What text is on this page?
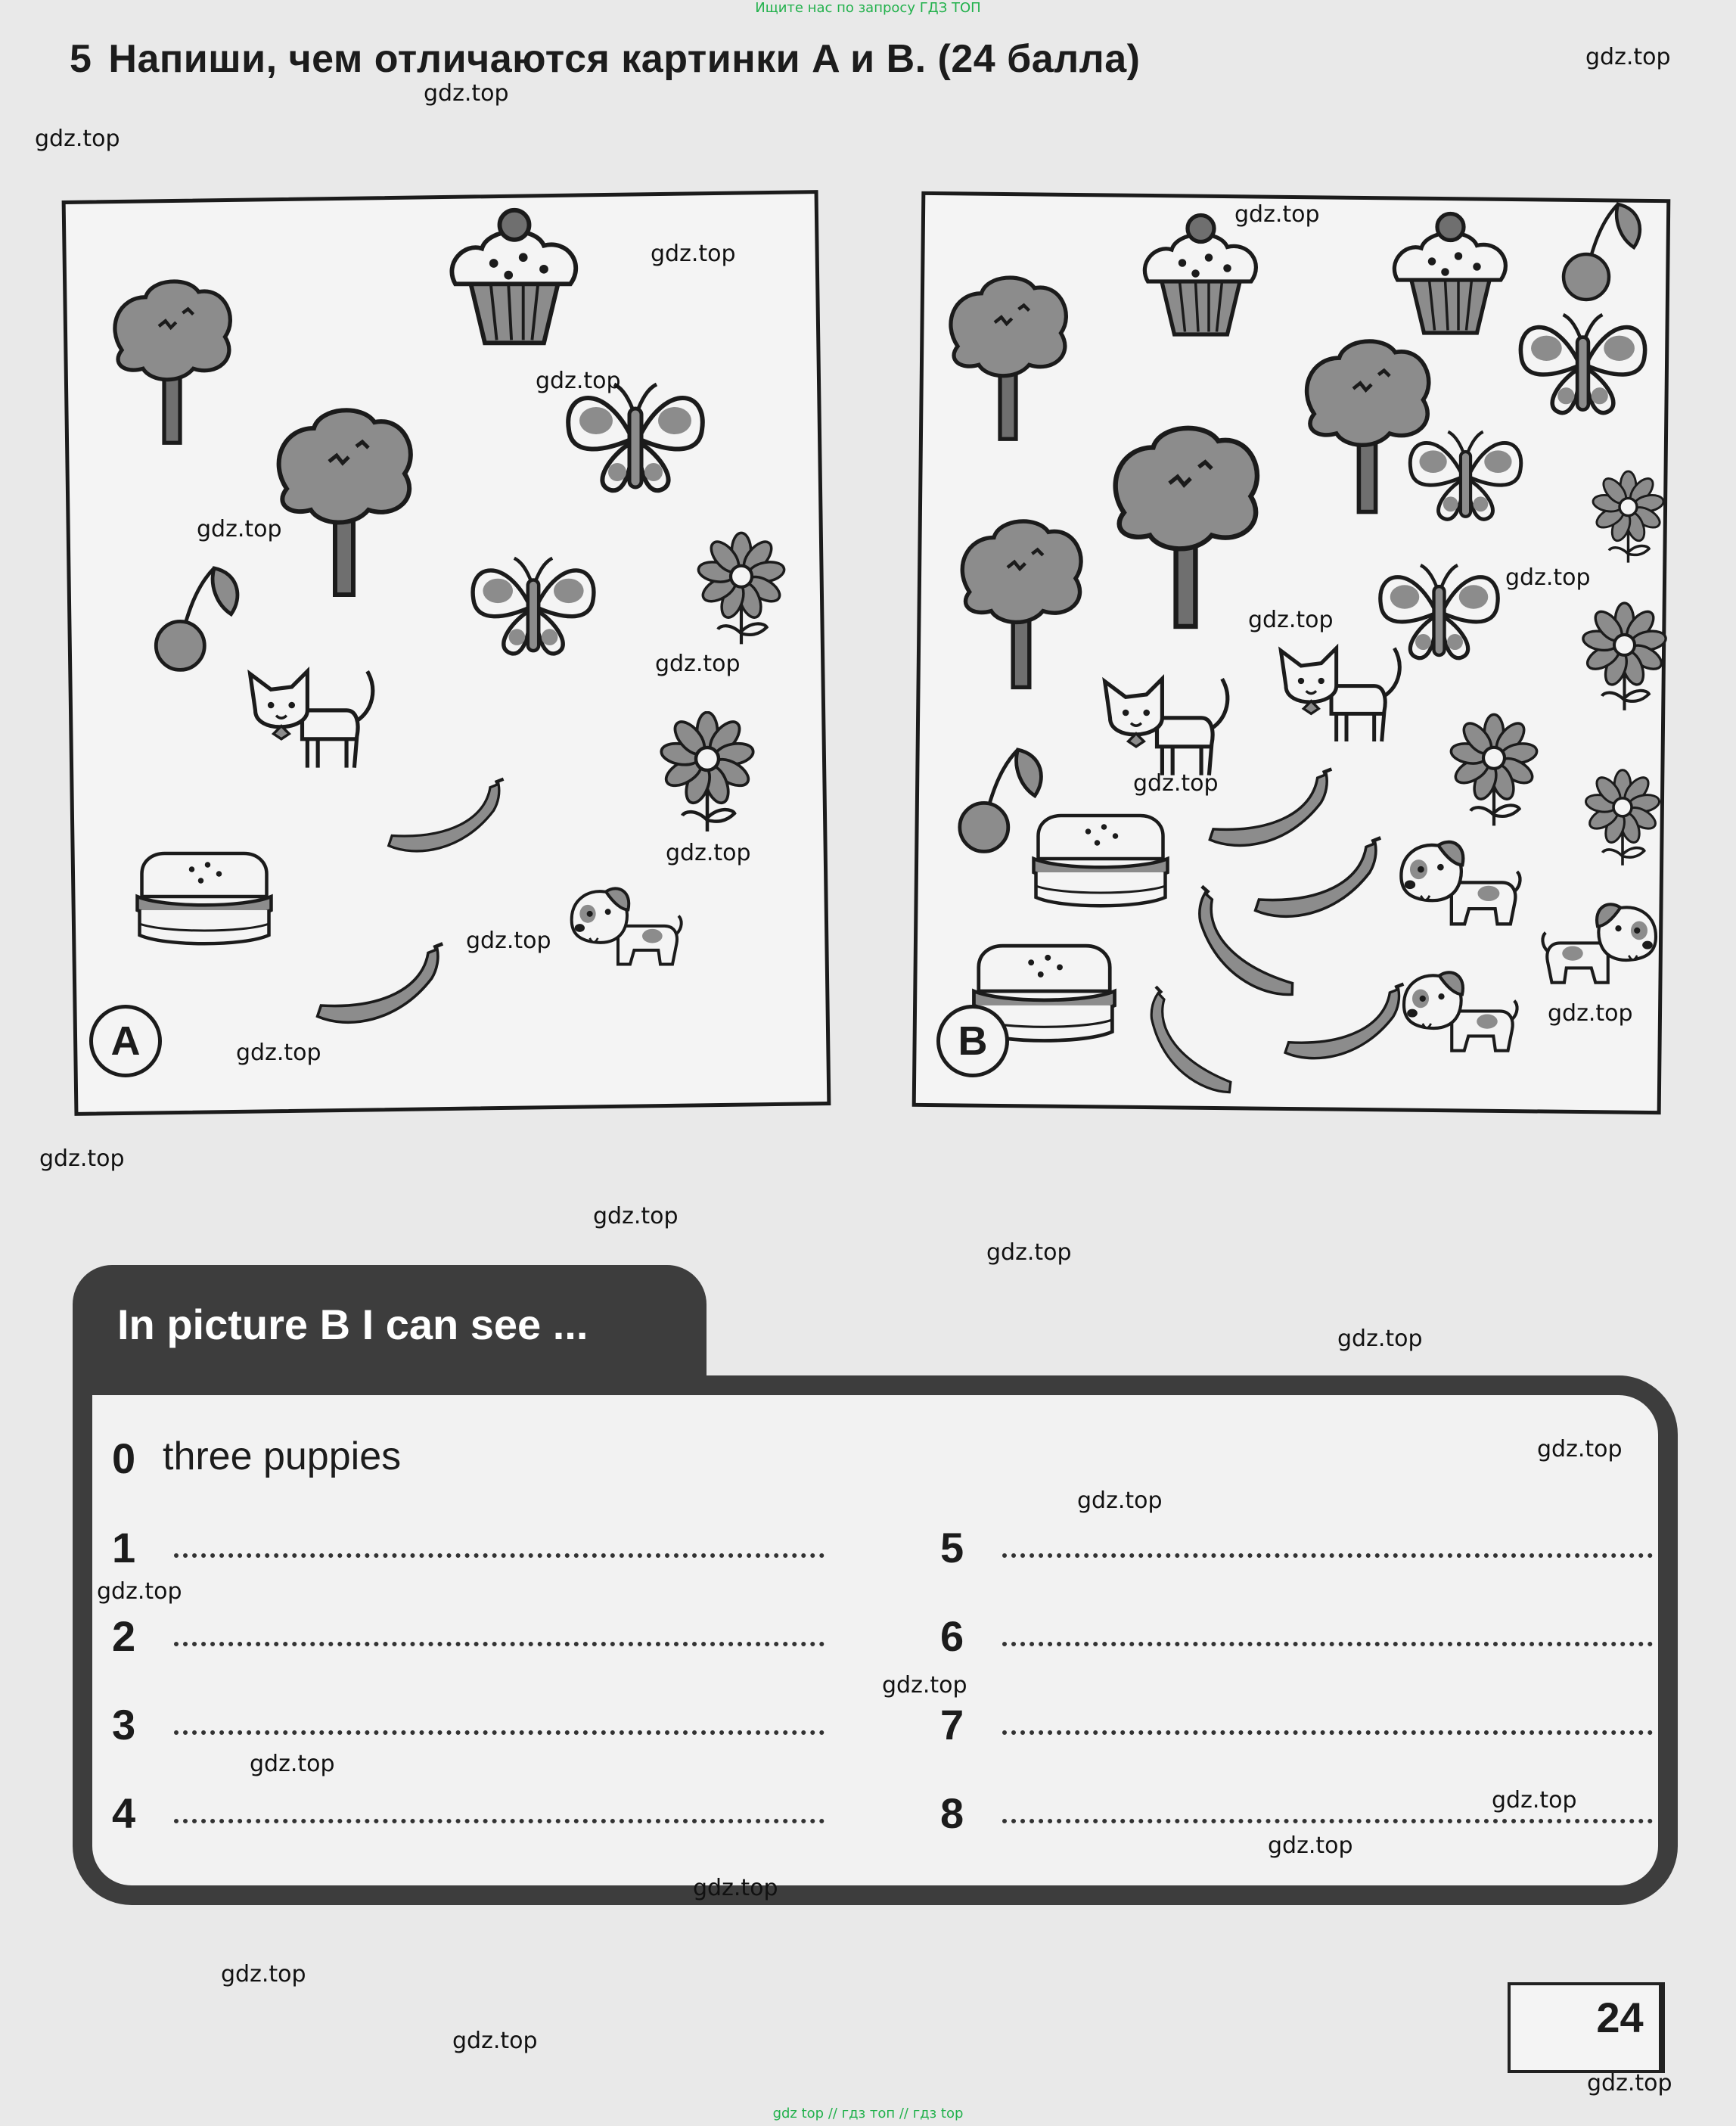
Ищите нас по запросу ГДЗ ТОП
5 Напиши, чем отличаются картинки A и B. (24 балла)
A	B
In picture B I can see ...
0 three puppies
1
2
3
4
5
6
7
8
24
gdz.top
gdz.top
gdz.top
gdz.top
gdz.top
gdz.top
gdz.top
gdz.top
gdz.top
gdz.top
gdz.top
gdz.top
gdz.top
gdz.top
gdz.top
gdz.top
gdz.top
gdz.top
gdz.top
gdz.top
gdz.top
gdz.top
gdz.top
gdz.top
gdz.top
gdz.top
gdz.top
gdz.top
gdz.top
gdz.top
gdz top // гдз топ // гдз top
